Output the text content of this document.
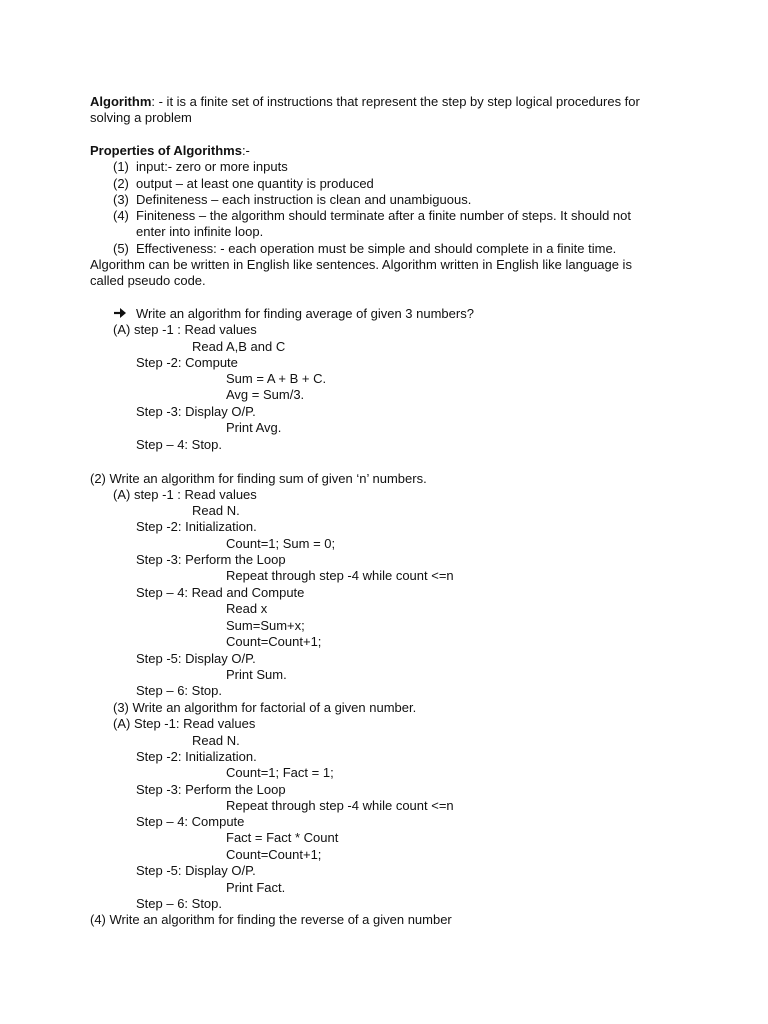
Algorithm: - it is a finite set of instructions that represent the step by step logical procedures for
solving a problem
Properties of Algorithms:-
(1) input:- zero or more inputs
(2) output – at least one quantity is produced
(3) Definiteness – each instruction is clean and unambiguous.
(4) Finiteness – the algorithm should terminate after a finite number of steps. It should not
enter into infinite loop.
(5) Effectiveness: - each operation must be simple and should complete in a finite time.
Algorithm can be written in English like sentences. Algorithm written in English like language is
called pseudo code.
Write an algorithm for finding average of given 3 numbers?
(A) step -1 : Read values
Read A,B and C
Step -2: Compute
Sum = A + B + C.
Avg = Sum/3.
Step -3: Display O/P.
Print Avg.
Step – 4: Stop.
(2) Write an algorithm for finding sum of given ‘n’ numbers.
(A) step -1 : Read values
Read N.
Step -2: Initialization.
Count=1; Sum = 0;
Step -3: Perform the Loop
Repeat through step -4 while count <=n
Step – 4: Read and Compute
Read x
Sum=Sum+x;
Count=Count+1;
Step -5: Display O/P.
Print Sum.
Step – 6: Stop.
(3) Write an algorithm for factorial of a given number.
(A) Step -1: Read values
Read N.
Step -2: Initialization.
Count=1; Fact = 1;
Step -3: Perform the Loop
Repeat through step -4 while count <=n
Step – 4: Compute
Fact = Fact * Count
Count=Count+1;
Step -5: Display O/P.
Print Fact.
Step – 6: Stop.
(4) Write an algorithm for finding the reverse of a given number
